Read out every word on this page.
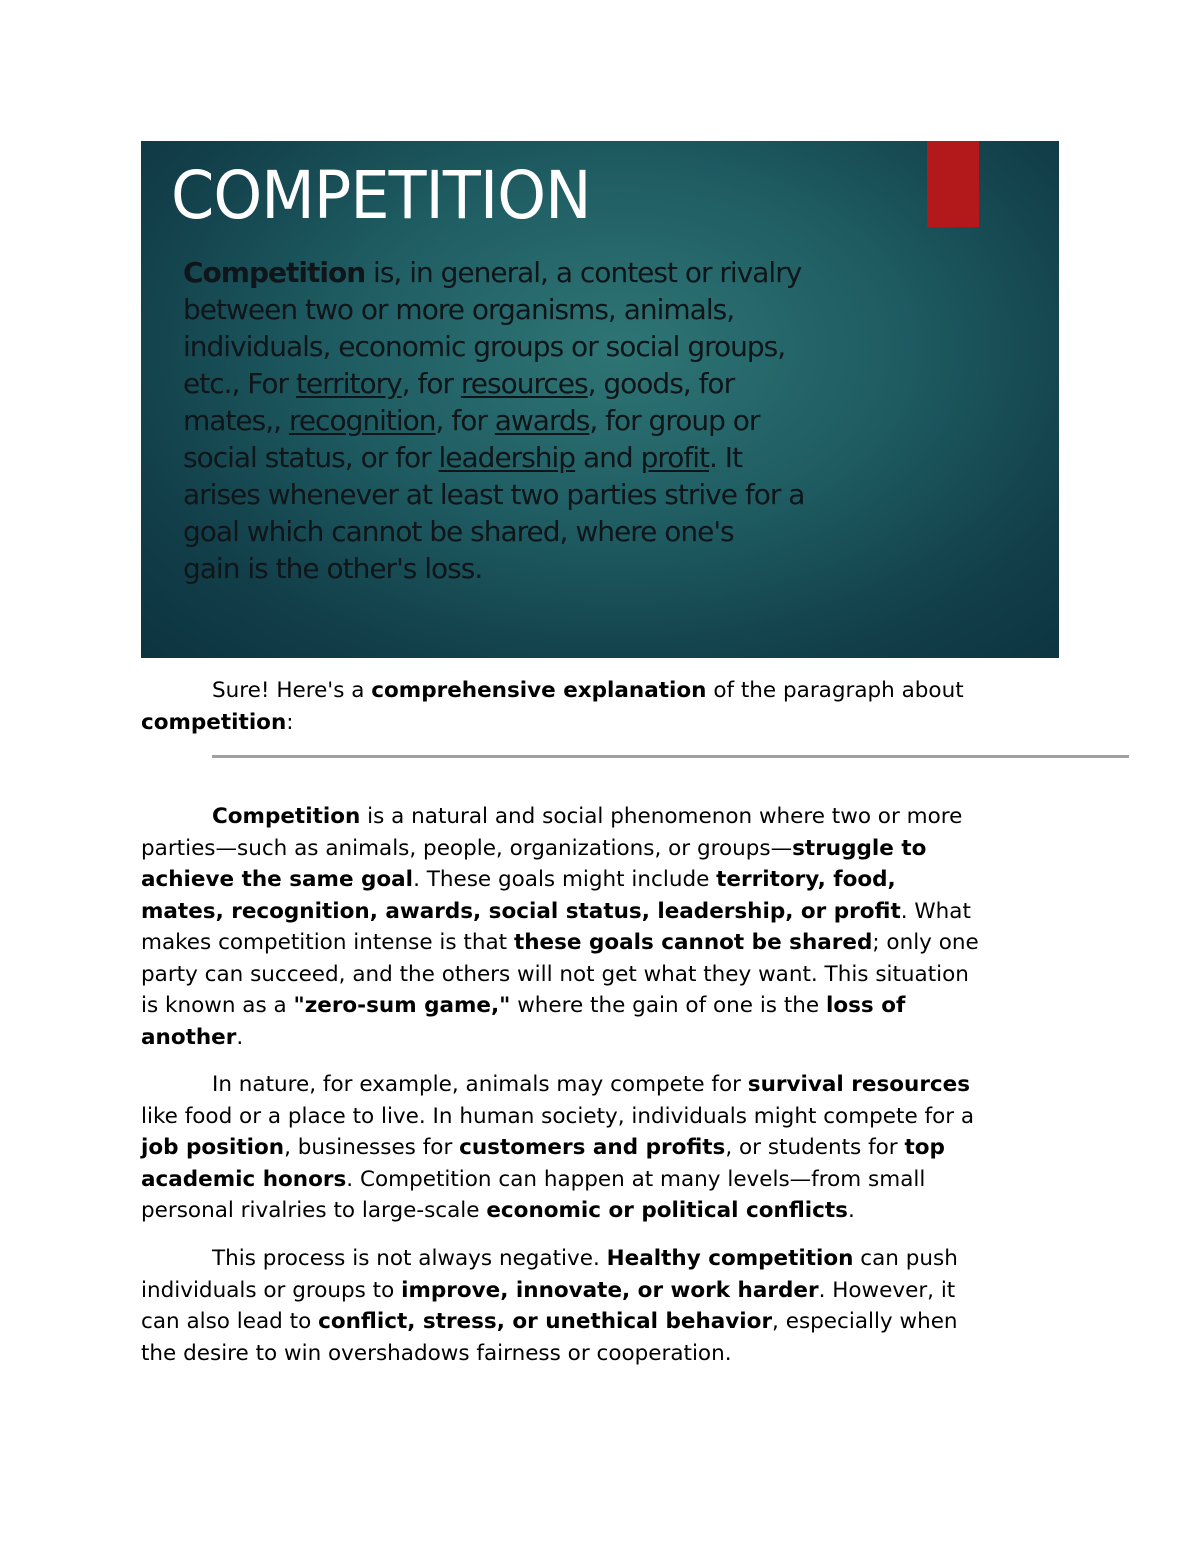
COMPETITION
Competition is, in general, a contest or rivalry
between two or more organisms, animals,
individuals, economic groups or social groups,
etc., For territory, for resources, goods, for
mates,, recognition, for awards, for group or
social status, or for leadership and profit. It
arises whenever at least two parties strive for a
goal which cannot be shared, where one's
gain is the other's loss.
Sure! Here's a comprehensive explanation of the paragraph about
competition:
Competition is a natural and social phenomenon where two or more
parties—such as animals, people, organizations, or groups—struggle to
achieve the same goal. These goals might include territory, food,
mates, recognition, awards, social status, leadership, or profit. What
makes competition intense is that these goals cannot be shared; only one
party can succeed, and the others will not get what they want. This situation
is known as a "zero-sum game," where the gain of one is the loss of
another.
In nature, for example, animals may compete for survival resources
like food or a place to live. In human society, individuals might compete for a
job position, businesses for customers and profits, or students for top
academic honors. Competition can happen at many levels—from small
personal rivalries to large-scale economic or political conflicts.
This process is not always negative. Healthy competition can push
individuals or groups to improve, innovate, or work harder. However, it
can also lead to conflict, stress, or unethical behavior, especially when
the desire to win overshadows fairness or cooperation.
